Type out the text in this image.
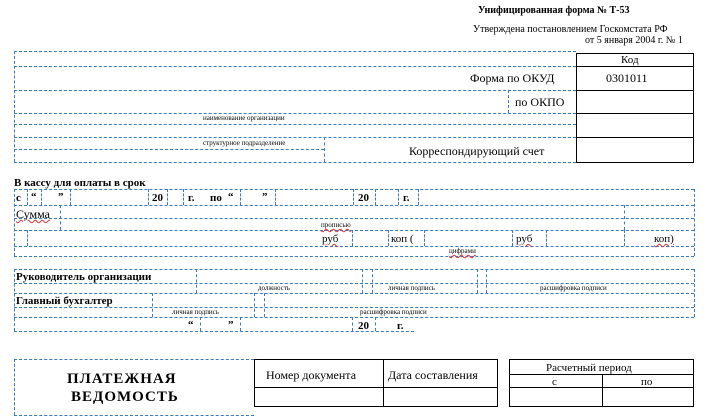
Унифицированная форма № Т-53
Утверждена постановлением Госкомстата РФ
от 5 января 2004 г. № 1
Код
Форма по ОКУД	0301011
по ОКПО
Корреспондирующий счет
наименование организации
структурное подразделение
В кассу для оплаты в срок
с “ ”	20 г. по “	”	20	г.
Сумма
прописью
руб	коп (	руб	коп)
цифрами
Руководитель организации
должность	личная подпись	расшифровка подписи
Главный бухгалтер
личная подпись	расшифровка подписи
“	”	20	г.
ПЛАТЕЖНАЯ
ВЕДОМОСТЬ
Номер документа	Дата составления	Расчетный период
с	по
